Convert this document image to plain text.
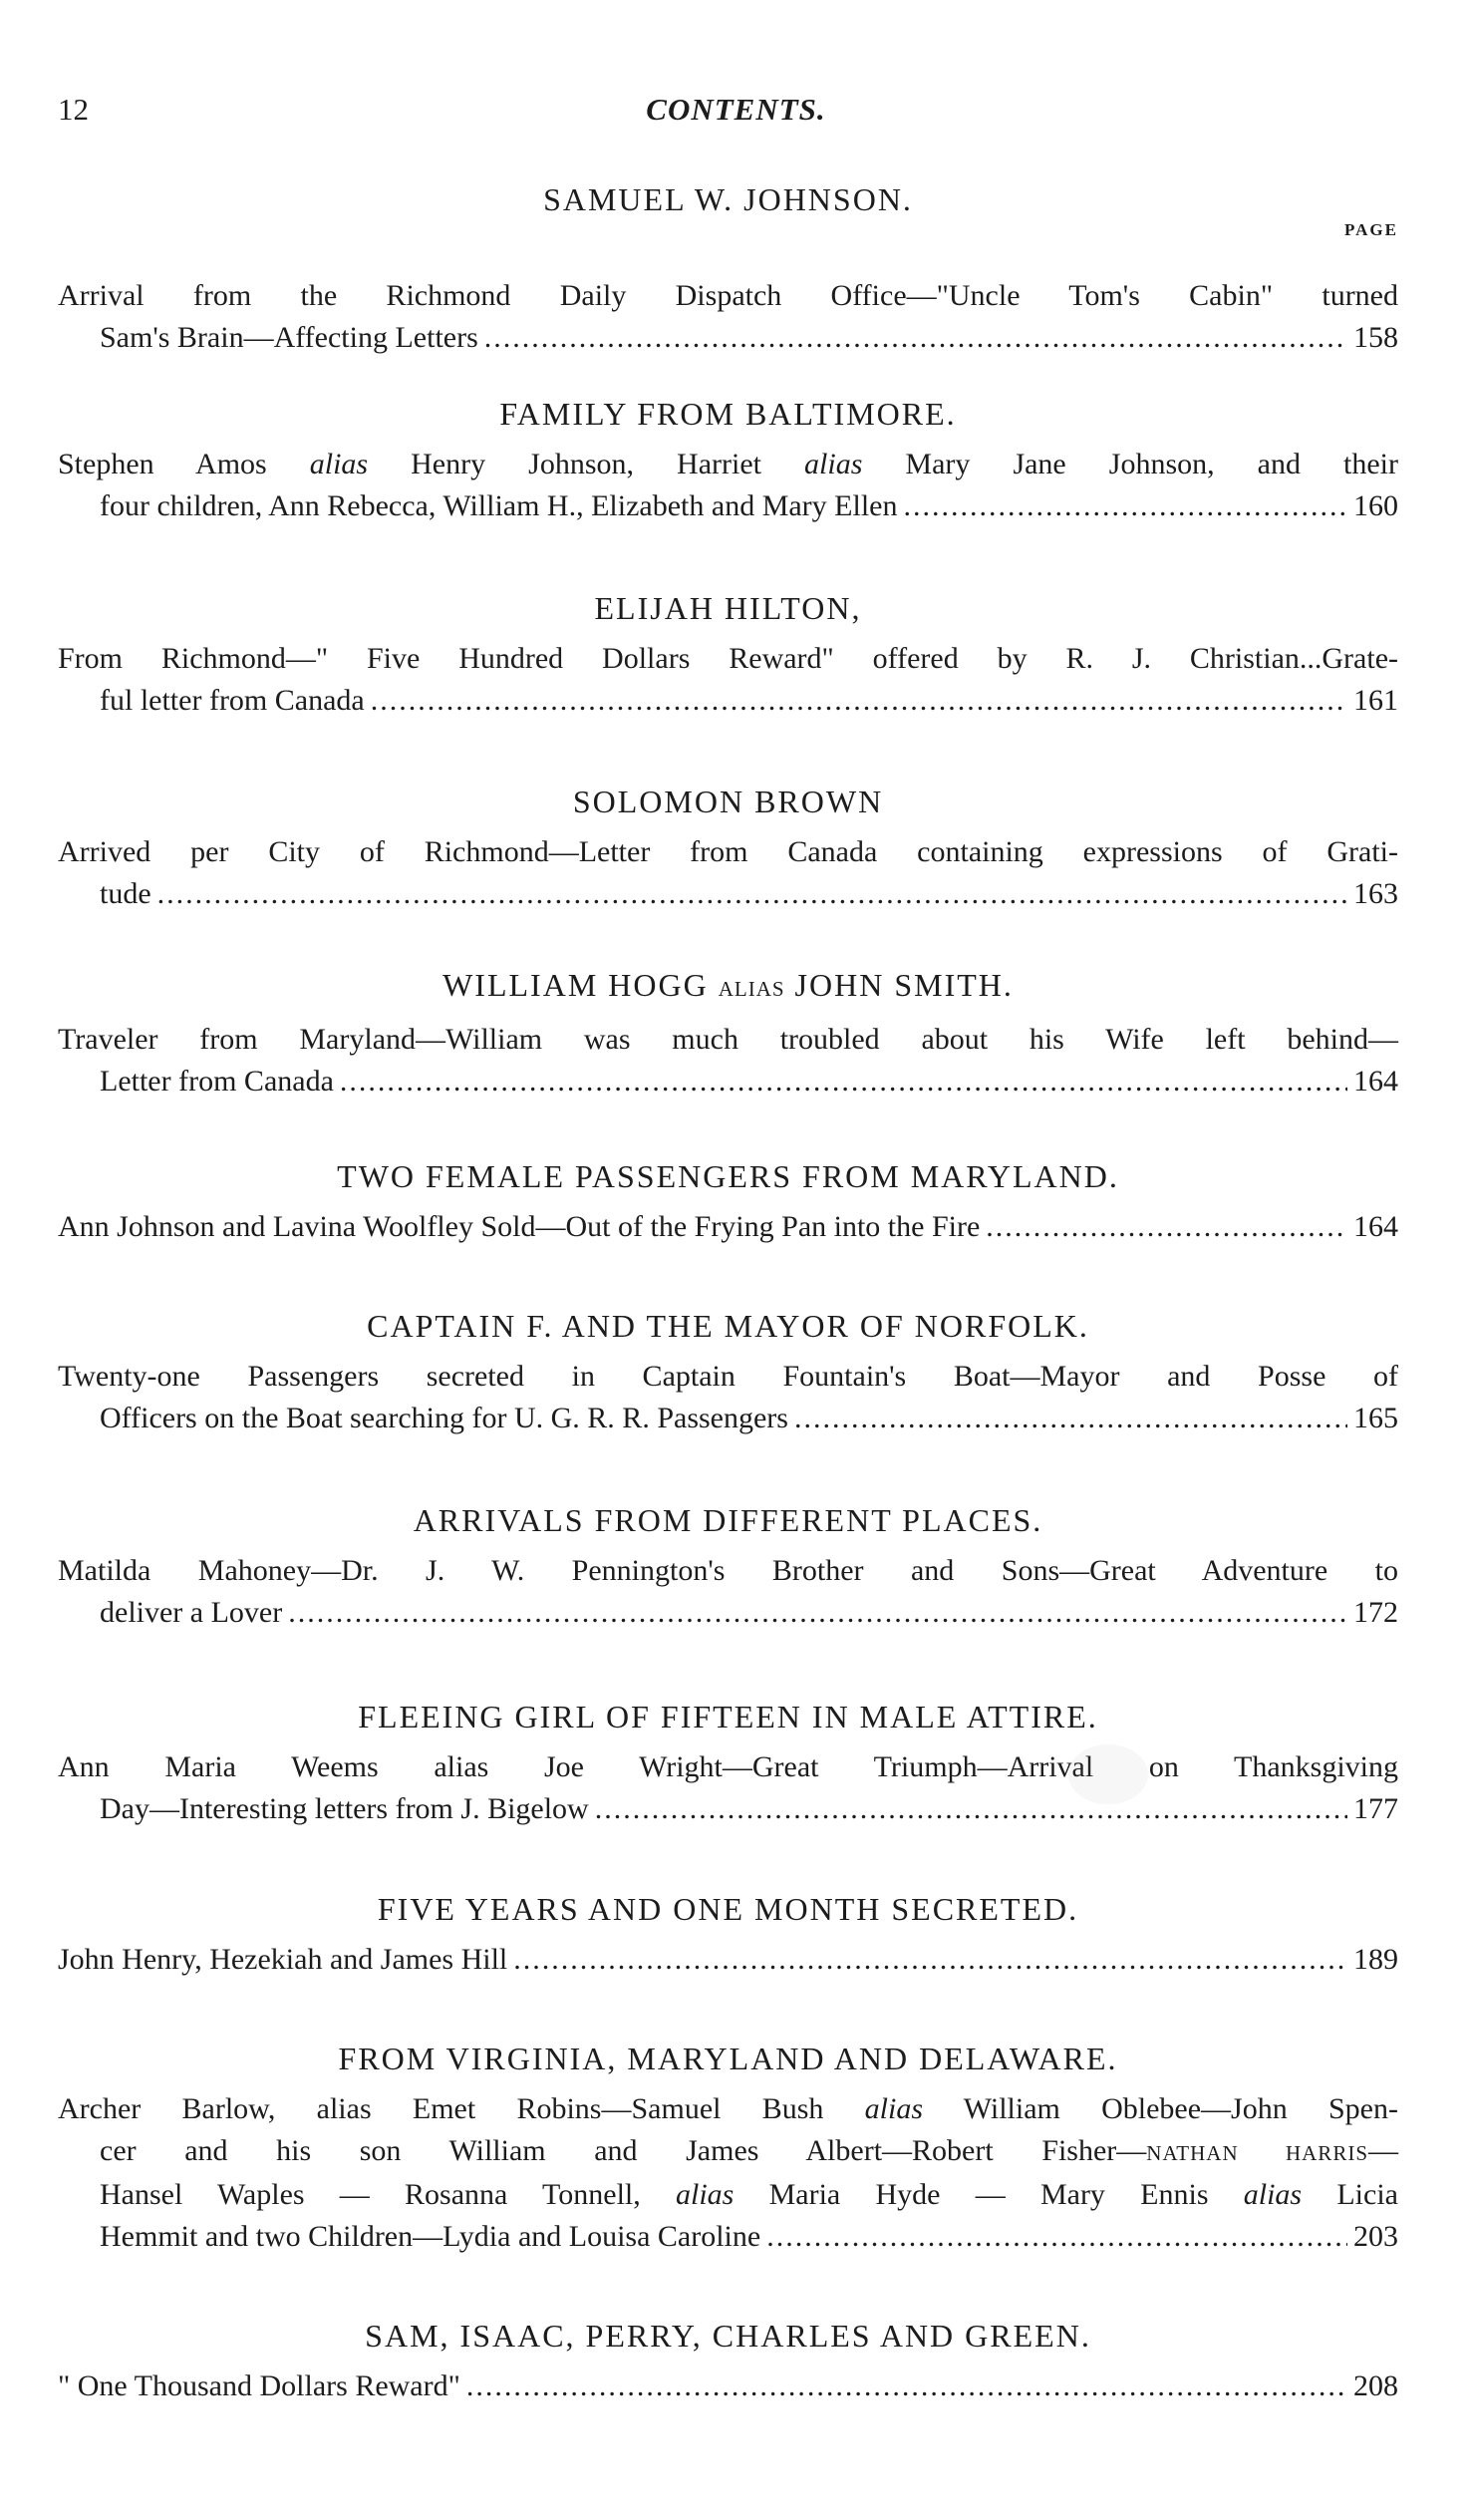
12	CONTENTS.
PAGE
SAMUEL W. JOHNSON.
Arrival from the Richmond Daily Dispatch Office—"Uncle Tom's Cabin" turned
Sam's Brain—Affecting Letters .....	158
FAMILY FROM BALTIMORE.
Stephen Amos alias Henry Johnson, Harriet alias Mary Jane Johnson, and their
four children, Ann Rebecca, William H., Elizabeth and Mary Ellen .....	160
ELIJAH HILTON,
From Richmond—" Five Hundred Dollars Reward" offered by R. J. Christian...Grate-
ful letter from Canada .....	161
SOLOMON BROWN
Arrived per City of Richmond—Letter from Canada containing expressions of Grati-
tude .....	163
WILLIAM HOGG ALIAS JOHN SMITH.
Traveler from Maryland—William was much troubled about his Wife left behind—
Letter from Canada .....	164
TWO FEMALE PASSENGERS FROM MARYLAND.
Ann Johnson and Lavina Woolfley Sold—Out of the Frying Pan into the Fire .....	164
CAPTAIN F. AND THE MAYOR OF NORFOLK.
Twenty-one Passengers secreted in Captain Fountain's Boat—Mayor and Posse of
Officers on the Boat searching for U. G. R. R. Passengers .....	165
ARRIVALS FROM DIFFERENT PLACES.
Matilda Mahoney—Dr. J. W. Pennington's Brother and Sons—Great Adventure to
deliver a Lover .....	172
FLEEING GIRL OF FIFTEEN IN MALE ATTIRE.
Ann Maria Weems alias Joe Wright—Great Triumph—Arrival on Thanksgiving
Day—Interesting letters from J. Bigelow .....	177
FIVE YEARS AND ONE MONTH SECRETED.
John Henry, Hezekiah and James Hill .....	189
FROM VIRGINIA, MARYLAND AND DELAWARE.
Archer Barlow, alias Emet Robins—Samuel Bush alias William Oblebee—John Spen-
cer and his son William and James Albert—Robert Fisher—NATHAN HARRIS—
Hansel Waples — Rosanna Tonnell, alias Maria Hyde — Mary Ennis alias Licia
Hemmit and two Children—Lydia and Louisa Caroline .....	203
SAM, ISAAC, PERRY, CHARLES AND GREEN.
" One Thousand Dollars Reward" .....	208
